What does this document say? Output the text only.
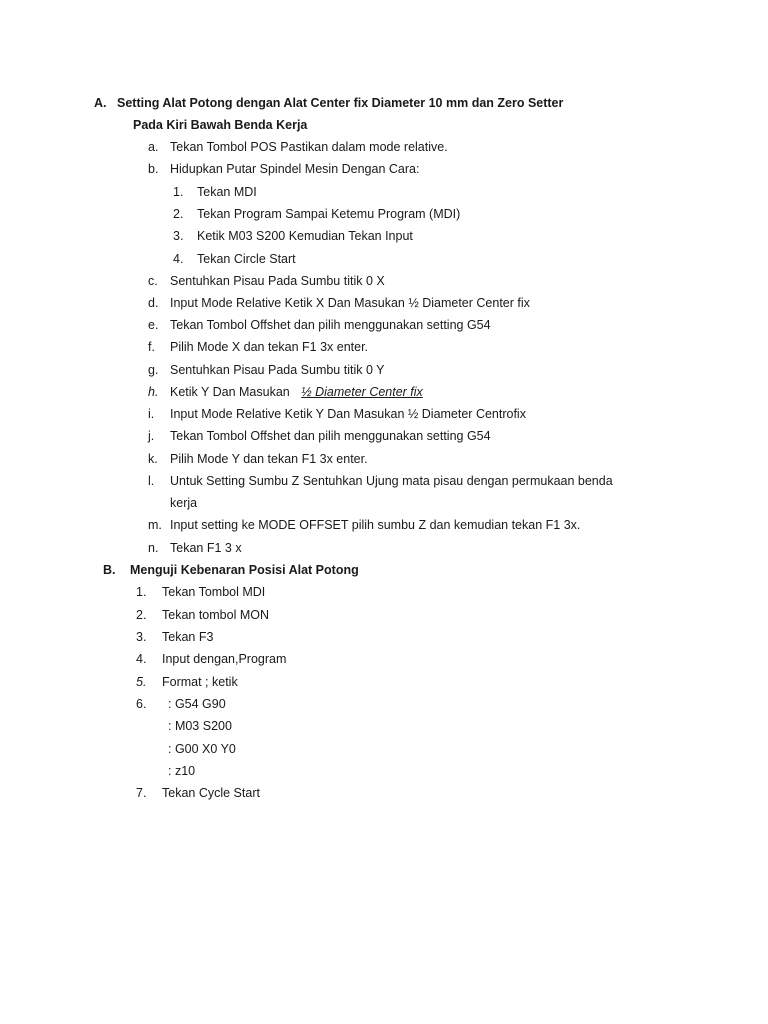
A. Setting Alat Potong dengan Alat Center fix Diameter 10 mm dan Zero Setter
Pada Kiri Bawah Benda Kerja
a. Tekan Tombol POS Pastikan dalam mode relative.
b. Hidupkan Putar Spindel Mesin Dengan Cara:
1. Tekan MDI
2. Tekan Program Sampai Ketemu Program (MDI)
3. Ketik M03 S200 Kemudian Tekan Input
4. Tekan Circle Start
c. Sentuhkan Pisau Pada Sumbu titik 0 X
d. Input Mode Relative Ketik X Dan Masukan ½ Diameter Center fix
e. Tekan Tombol Offshet dan pilih menggunakan setting G54
f. Pilih Mode X dan tekan F1 3x enter.
g. Sentuhkan Pisau Pada Sumbu titik 0 Y
h. Ketik Y Dan Masukan ½ Diameter Center fix
i. Input Mode Relative Ketik Y Dan Masukan ½ Diameter Centrofix
j. Tekan Tombol Offshet dan pilih menggunakan setting G54
k. Pilih Mode Y dan tekan F1 3x enter.
l. Untuk Setting Sumbu Z Sentuhkan Ujung mata pisau dengan permukaan benda
kerja
m. Input setting ke MODE OFFSET pilih sumbu Z dan kemudian tekan F1 3x.
n. Tekan F1 3 x
B. Menguji Kebenaran Posisi Alat Potong
1. Tekan Tombol MDI
2. Tekan tombol MON
3. Tekan F3
4. Input dengan,Program
5. Format ; ketik
6. : G54 G90
: M03 S200
: G00 X0 Y0
: z10
7. Tekan Cycle Start
